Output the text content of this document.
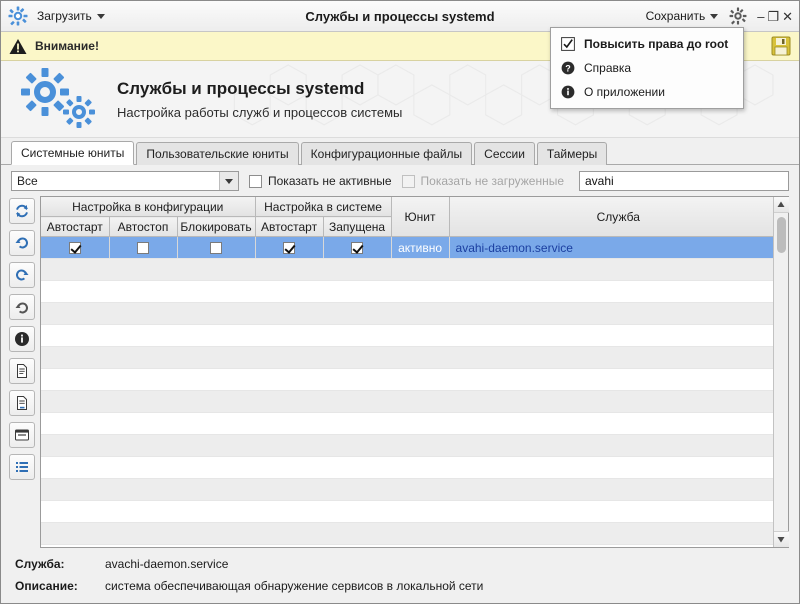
Загрузить	Службы и процессы systemd	Сохранить	– ❐ ✕
Внимание!
Службы и процессы systemd
Настройка работы служб и процессов системы
Системные юниты	Пользовательские юниты	Конфигурационные файлы	Сессии	Таймеры
Все	Показать не активные Показать не загруженные
avahi
Настройка в конфигурации			Настройка в системе		Юнит	Служба
Автостарт	Автостоп	Блокировать	Автостарт	Запущена		
					активно	avahi-daemon.service

Служба:	avachi-daemon.service
Описание:	система обеспечивающая обнаружение сервисов в локальной сети
Повысить права до root
? Справка
О приложении
